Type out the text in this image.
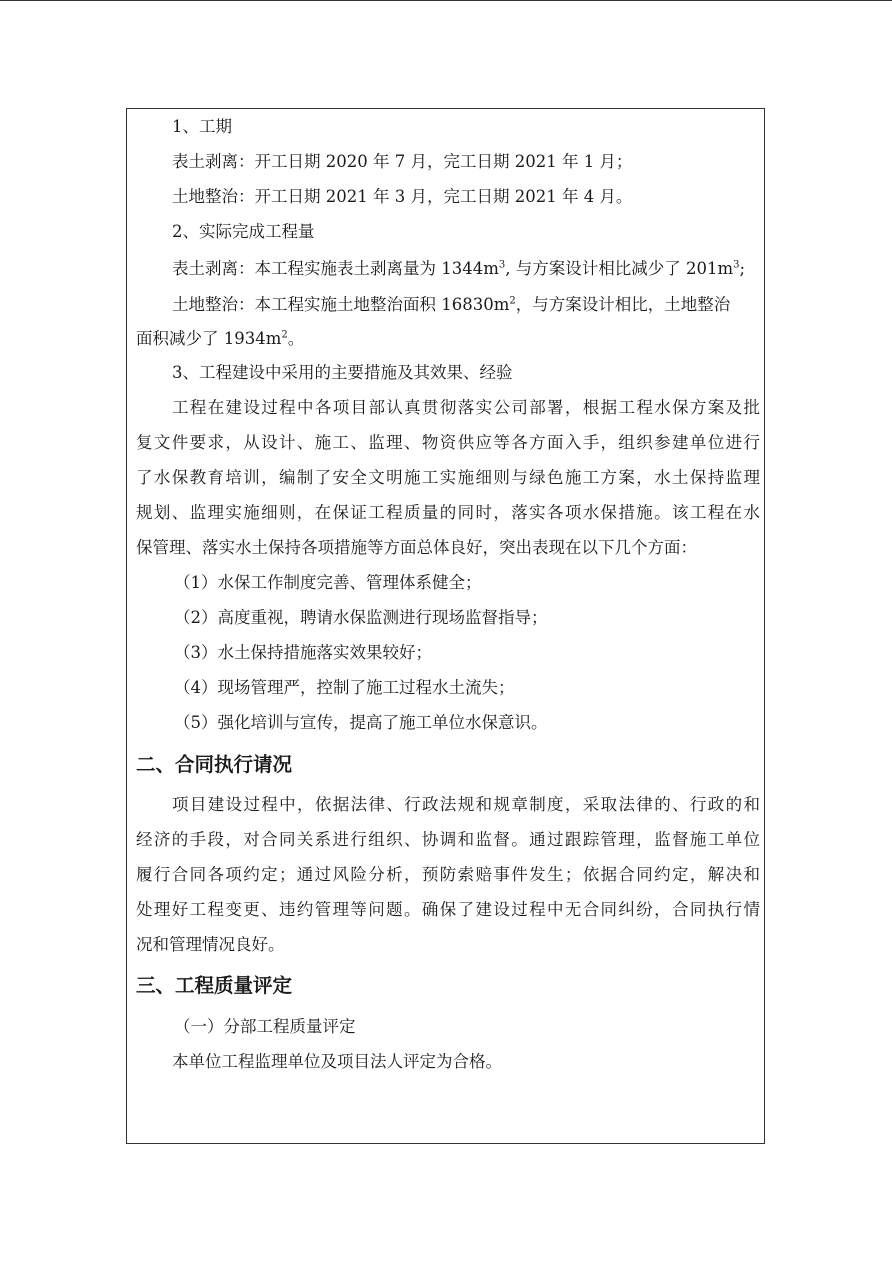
1、工期
表土剥离：开工日期 2020 年 7 月，完工日期 2021 年 1 月；
土地整治：开工日期 2021 年 3 月，完工日期 2021 年 4 月。
2、实际完成工程量
表土剥离：本工程实施表土剥离量为 $1344m^3$, 与方案设计相比减少了 $201m^3$;
土地整治：本工程实施土地整治面积 $16830m^2$，与方案设计相比，土地整治
面积减少了 $1934m^2$。
3、工程建设中采用的主要措施及其效果、经验
工程在建设过程中各项目部认真贯彻落实公司部署，根据工程水保方案及批
复文件要求，从设计、施工、监理、物资供应等各方面入手，组织参建单位进行
了水保教育培训，编制了安全文明施工实施细则与绿色施工方案，水土保持监理
规划、监理实施细则，在保证工程质量的同时，落实各项水保措施。该工程在水
保管理、落实水土保持各项措施等方面总体良好，突出表现在以下几个方面：
（1）水保工作制度完善、管理体系健全；
（2）高度重视，聘请水保监测进行现场监督指导；
（3）水土保持措施落实效果较好；
（4）现场管理严，控制了施工过程水土流失；
（5）强化培训与宣传，提高了施工单位水保意识。
二、合同执行请况
项目建设过程中，依据法律、行政法规和规章制度，采取法律的、行政的和
经济的手段，对合同关系进行组织、协调和监督。通过跟踪管理，监督施工单位
履行合同各项约定；通过风险分析，预防索赔事件发生；依据合同约定，解决和
处理好工程变更、违约管理等问题。确保了建设过程中无合同纠纷，合同执行情
况和管理情况良好。
三、工程质量评定
（一）分部工程质量评定
本单位工程监理单位及项目法人评定为合格。
